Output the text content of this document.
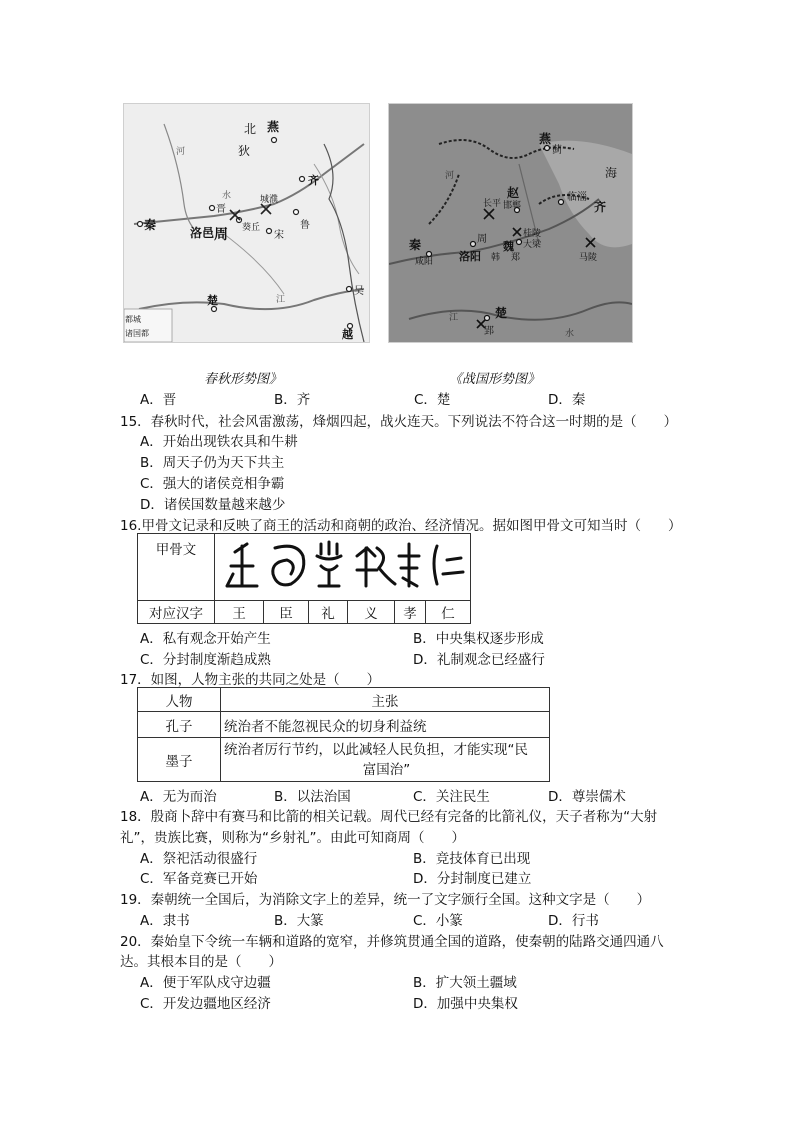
北 燕
狄
齐
晋
洛邑 周
城濮
葵丘	鲁
宋
秦
楚
吴
越
河
水
江
都城
诸国都
春秋形势图》
燕
蓟
海
赵
邯郸
长平
临淄
齐
秦
咸阳
周
洛阳
魏
韩 郑
桂陵
大梁
马陵
楚
郢
河
江
水
《战国形势图》
A．晋	B．齐	C．楚	D．秦
15．春秋时代，社会风雷激荡，烽烟四起，战火连天。下列说法不符合这一时期的是（　　）
A．开始出现铁农具和牛耕
B．周天子仍为天下共主
C．强大的诸侯竞相争霸
D．诸侯国数量越来越少
16.甲骨文记录和反映了商王的活动和商朝的政治、经济情况。据如图甲骨文可知当时（　　）
甲骨文	
对应汉字	王	臣	礼	义	孝	仁
A．私有观念开始产生	B．中央集权逐步形成
C．分封制度渐趋成熟	D．礼制观念已经盛行
17．如图，人物主张的共同之处是（　　）
人物	主张
孔子	统治者不能忽视民众的切身利益统
墨子	统治者厉行节约，以此减轻人民负担，才能实现“民
富国治”
A．无为而治	B．以法治国	C．关注民生	D．尊崇儒术
18．殷商卜辞中有赛马和比箭的相关记载。周代已经有完备的比箭礼仪，天子者称为“大射
礼”，贵族比赛，则称为“乡射礼”。由此可知商周（　　）
A．祭祀活动很盛行	B．竞技体育已出现
C．军备竞赛已开始	D．分封制度已建立
19．秦朝统一全国后，为消除文字上的差异，统一了文字颁行全国。这种文字是（　　）
A．隶书	B．大篆	C．小篆	D．行书
20．秦始皇下令统一车辆和道路的宽窄，并修筑贯通全国的道路，使秦朝的陆路交通四通八
达。其根本目的是（　　）
A．便于军队戍守边疆	B．扩大领土疆域
C．开发边疆地区经济	D．加强中央集权
